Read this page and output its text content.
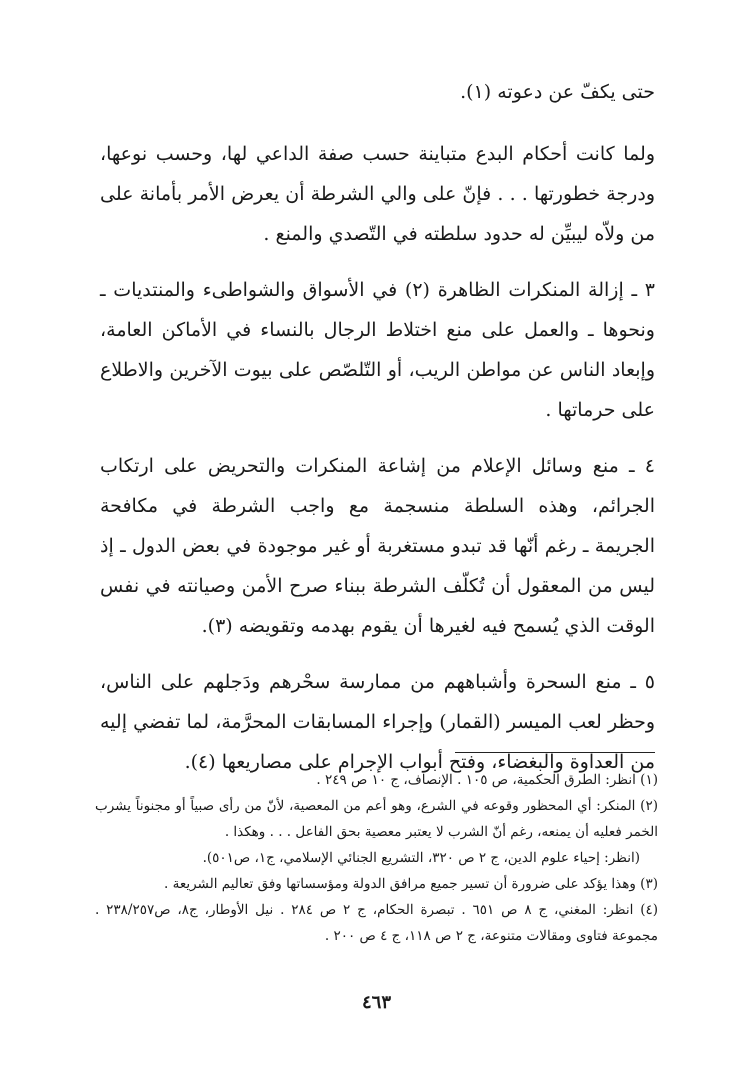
حتى يكفّ عن دعوته (١).

ولما كانت أحكام البدع متباينة حسب صفة الداعي لها، وحسب نوعها، ودرجة خطورتها . . . فإنّ على والي الشرطة أن يعرض الأمر بأمانة على من ولاّه ليبيِّن له حدود سلطته في التّصدي والمنع .

٣ ـ إزالة المنكرات الظاهرة (٢) في الأسواق والشواطىء والمنتديات ـ ونحوها ـ والعمل على منع اختلاط الرجال بالنساء في الأماكن العامة، وإبعاد الناس عن مواطن الريب، أو التّلصّص على بيوت الآخرين والاطلاع على حرماتها .

٤ ـ منع وسائل الإعلام من إشاعة المنكرات والتحريض على ارتكاب الجرائم، وهذه السلطة منسجمة مع واجب الشرطة في مكافحة الجريمة ـ رغم أنّها قد تبدو مستغربة أو غير موجودة في بعض الدول ـ إذ ليس من المعقول أن تُكلّف الشرطة ببناء صرح الأمن وصيانته في نفس الوقت الذي يُسمح فيه لغيرها أن يقوم بهدمه وتقويضه (٣).

٥ ـ منع السحرة وأشباههم من ممارسة سحْرهم ودَجلهم على الناس، وحظر لعب الميسر (القمار) وإجراء المسابقات المحرَّمة، لما تفضي إليه من العداوة والبغضاء، وفتح أبواب الإجرام على مصاريعها (٤).

(١) انظر: الطرق الحكمية، ص ١٠٥ . الإنصاف، ج ١٠ ص ٢٤٩ .

(٢) المنكر: أي المحظور وقوعه في الشرع، وهو أعم من المعصية، لأنّ من رأى صبياً أو مجنوناً يشرب الخمر فعليه أن يمنعه، رغم أنّ الشرب لا يعتبر معصية بحق الفاعل . . . وهكذا .

(انظر: إحياء علوم الدين، ج ٢ ص ٣٢٠، التشريع الجنائي الإسلامي، ج١، ص٥٠١).

(٣) وهذا يؤكد على ضرورة أن تسير جميع مرافق الدولة ومؤسساتها وفق تعاليم الشريعة .

(٤) انظر: المغني، ج ٨ ص ٦٥١ . تبصرة الحكام، ج ٢ ص ٢٨٤ . نيل الأوطار، ج٨، ص٢٣٨/٢٥٧ . مجموعة فتاوى ومقالات متنوعة، ج ٢ ص ١١٨، ج ٤ ص ٢٠٠ .

٤٦٣
